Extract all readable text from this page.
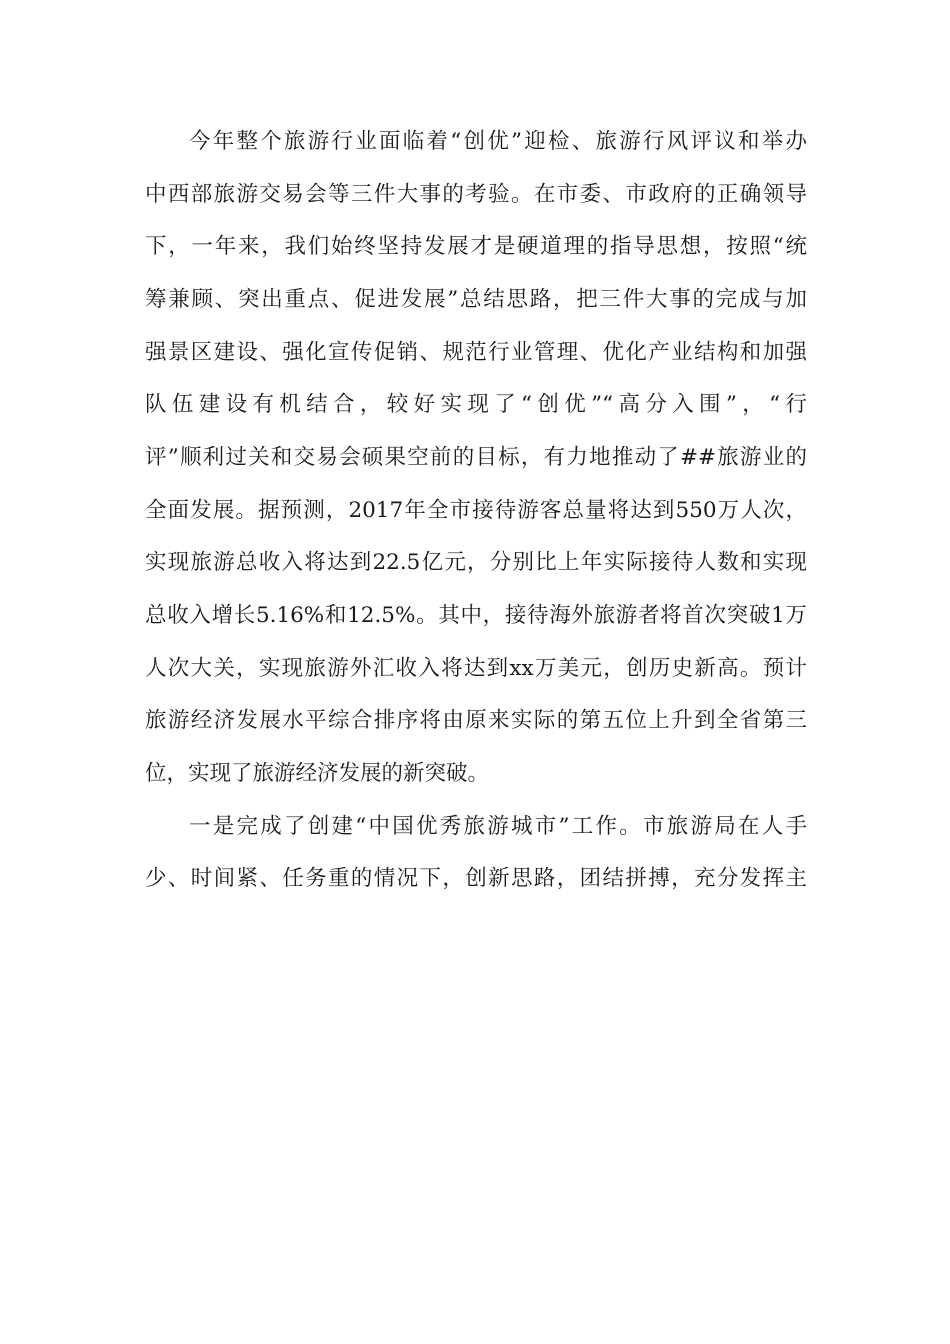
今年整个旅游行业面临着“创优”迎检、旅游行风评议和举办
中西部旅游交易会等三件大事的考验。在市委、市政府的正确领导
下，一年来，我们始终坚持发展才是硬道理的指导思想，按照“统
筹兼顾、突出重点、促进发展”总结思路，把三件大事的完成与加
强景区建设、强化宣传促销、规范行业管理、优化产业结构和加强
队伍建设有机结合，较好实现了“创优”“高分入围”，“行
评”顺利过关和交易会硕果空前的目标，有力地推动了##旅游业的
全面发展。据预测，2017年全市接待游客总量将达到550万人次，
实现旅游总收入将达到22.5亿元，分别比上年实际接待人数和实现
总收入增长5.16%和12.5%。其中，接待海外旅游者将首次突破1万
人次大关，实现旅游外汇收入将达到xx万美元，创历史新高。预计
旅游经济发展水平综合排序将由原来实际的第五位上升到全省第三
位，实现了旅游经济发展的新突破。
一是完成了创建“中国优秀旅游城市”工作。市旅游局在人手
少、时间紧、任务重的情况下，创新思路，团结拼搏，充分发挥主
